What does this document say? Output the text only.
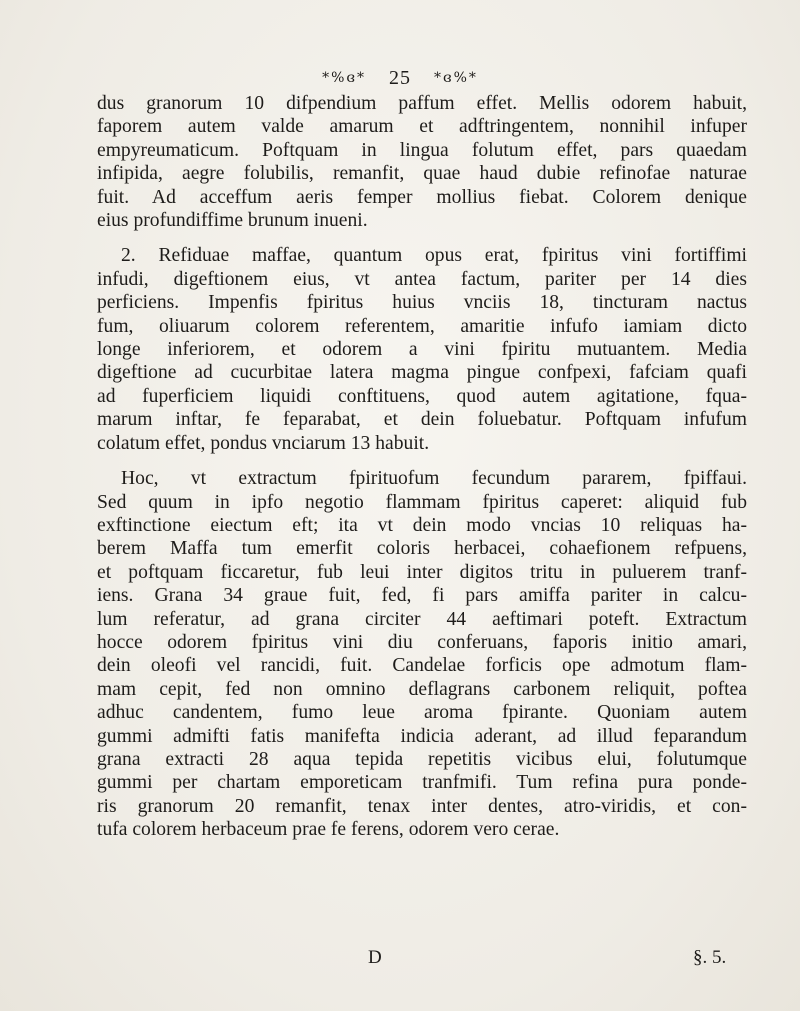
*%ɞ* 25 *ɞ%*
dus granorum 10 difpendium paffum effet. Mellis odorem habuit,
faporem autem valde amarum et adftringentem, nonnihil infuper
empyreumaticum. Poftquam in lingua folutum effet, pars quaedam
infipida, aegre folubilis, remanfit, quae haud dubie refinofae naturae
fuit. Ad acceffum aeris femper mollius fiebat. Colorem denique
eius profundiffime brunum inueni.
2. Refiduae maffae, quantum opus erat, fpiritus vini fortiffimi
infudi, digeftionem eius, vt antea factum, pariter per 14 dies
perficiens. Impenfis fpiritus huius vnciis 18, tincturam nactus
fum, oliuarum colorem referentem, amaritie infufo iamiam dicto
longe inferiorem, et odorem a vini fpiritu mutuantem. Media
digeftione ad cucurbitae latera magma pingue confpexi, fafciam quafi
ad fuperficiem liquidi conftituens, quod autem agitatione, fqua-
marum inftar, fe feparabat, et dein foluebatur. Poftquam infufum
colatum effet, pondus vnciarum 13 habuit.
Hoc, vt extractum fpirituofum fecundum pararem, fpiffaui.
Sed quum in ipfo negotio flammam fpiritus caperet: aliquid fub
exftinctione eiectum eft; ita vt dein modo vncias 10 reliquas ha-
berem Maffa tum emerfit coloris herbacei, cohaefionem refpuens,
et poftquam ficcaretur, fub leui inter digitos tritu in puluerem tranf-
iens. Grana 34 graue fuit, fed, fi pars amiffa pariter in calcu-
lum referatur, ad grana circiter 44 aeftimari poteft. Extractum
hocce odorem fpiritus vini diu conferuans, faporis initio amari,
dein oleofi vel rancidi, fuit. Candelae forficis ope admotum flam-
mam cepit, fed non omnino deflagrans carbonem reliquit, poftea
adhuc candentem, fumo leue aroma fpirante. Quoniam autem
gummi admifti fatis manifefta indicia aderant, ad illud feparandum
grana extracti 28 aqua tepida repetitis vicibus elui, folutumque
gummi per chartam emporeticam tranfmifi. Tum refina pura ponde-
ris granorum 20 remanfit, tenax inter dentes, atro-viridis, et con-
tufa colorem herbaceum prae fe ferens, odorem vero cerae.
D	§. 5.
